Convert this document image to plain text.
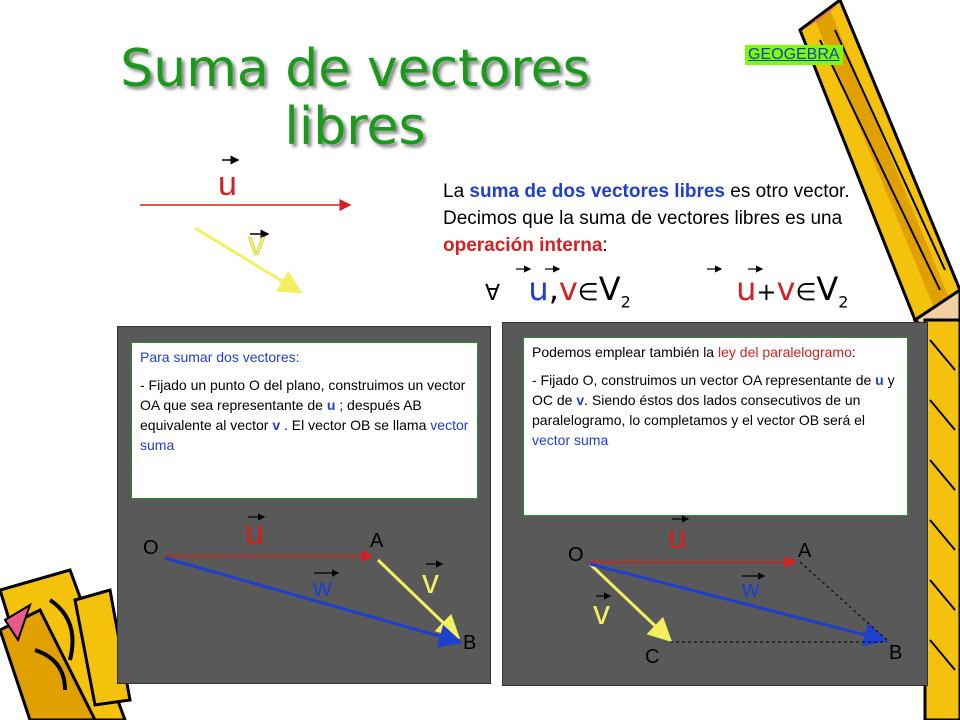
Suma de vectores
libres
GEOGEBRA
u
v
La suma de dos vectores libres es otro vector. Decimos que la suma de vectores libres es una operación interna:
∀ $u,v\in V_2$	$u+v\in V_2$

Para sumar dos vectores:

- Fijado un punto O del plano, construimos un vector OA que sea representante de u ; después AB equivalente al vector v . El vector OB se llama vector suma

O	A
B
u
v
w

Podemos emplear también la ley del paralelogramo:

- Fijado O, construimos un vector OA representante de u y OC de v. Siendo éstos dos lados consecutivos de un paralelogramo, lo completamos y el vector OB será el vector suma

O	A
B
C
u
v
w
